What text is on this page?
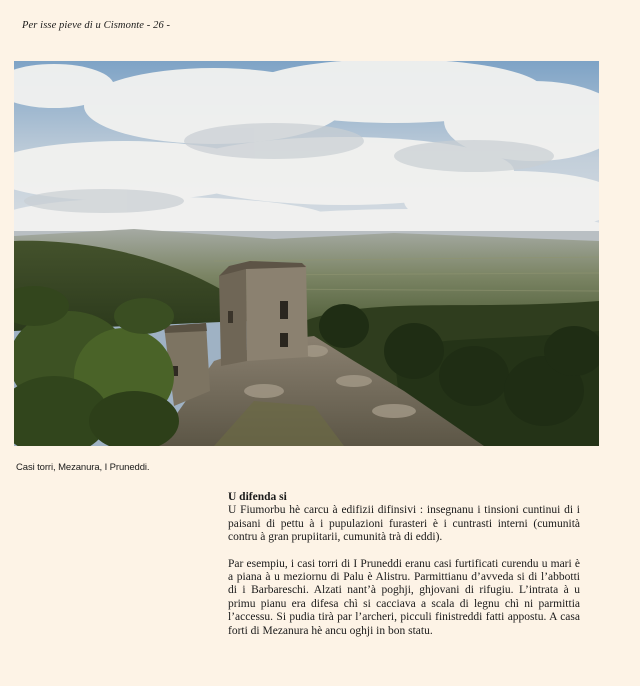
Per isse pieve di u Cismonte - 26 -
Casi torri, Mezanura, I Pruneddi.
U difenda si

U Fiumorbu hè carcu à edifizii difinsivi : insegnanu i tinsioni cuntinui di i paisani di pettu à i pupulazioni furasteri è i cuntrasti interni (cumunità contru à gran prupiitarii, cumunità trà di eddi).

Par esempiu, i casi torri di I Pruneddi eranu casi furtificati curendu u mari è a piana à u meziornu di Palu è Alistru. Parmittianu d’avveda si di l’abbotti di i Barbareschi. Alzati nant’à poghji, ghjovani di rifugiu. L’intrata à u primu pianu era difesa chì si cacciava a scala di legnu chì ni parmittia l’accessu. Si pudia tirà par l’archeri, picculi finistreddi fatti appostu. A casa forti di Mezanura hè ancu oghji in bon statu.
